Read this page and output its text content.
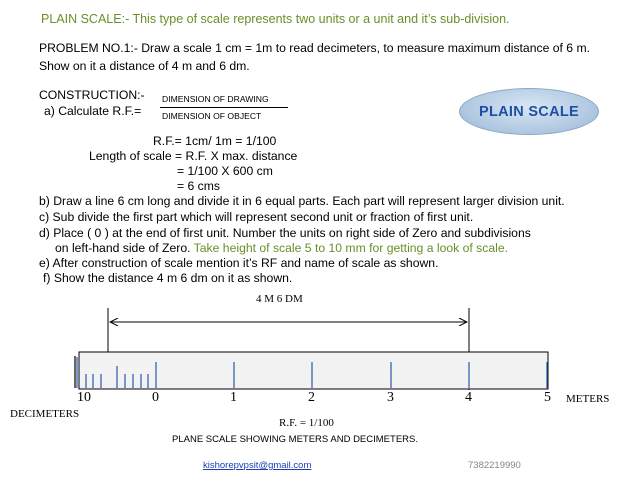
PLAIN SCALE:- This type of scale represents two units or a unit and it’s sub-division.
PROBLEM NO.1:- Draw a scale 1 cm = 1m to read decimeters, to measure maximum distance of 6 m.
Show on it a distance of 4 m and 6 dm.
CONSTRUCTION:-
a) Calculate R.F.=
DIMENSION OF DRAWING
DIMENSION OF OBJECT	PLAIN SCALE
R.F.= 1cm/ 1m = 1/100
Length of scale = R.F. X max. distance
= 1/100 X 600 cm
= 6 cms
b) Draw a line 6 cm long and divide it in 6 equal parts. Each part will represent larger division unit.
c) Sub divide the first part which will represent second unit or fraction of first unit.
d) Place ( 0 ) at the end of first unit. Number the units on right side of Zero and subdivisions
on left-hand side of Zero. Take height of scale 5 to 10 mm for getting a look of scale.
e) After construction of scale mention it’s RF and name of scale as shown.
f) Show the distance 4 m 6 dm on it as shown.
4 M 6 DM
10	0	1	2	3	4	5 METERS
DECIMETERS
R.F. = 1/100
PLANE SCALE SHOWING METERS AND DECIMETERS.
kishorepvpsit@gmail.com	7382219990
